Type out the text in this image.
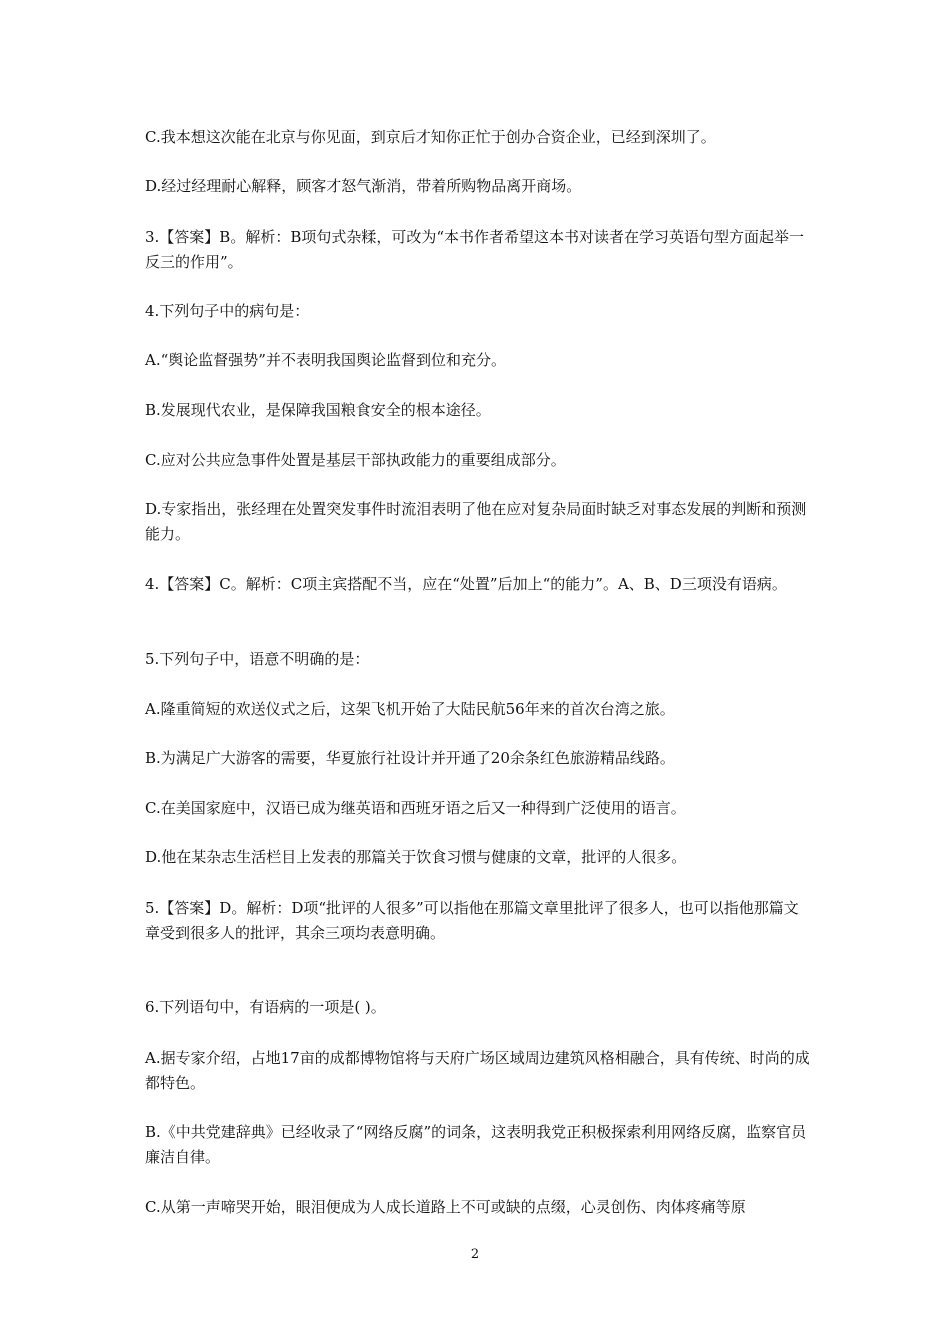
C.我本想这次能在北京与你见面，到京后才知你正忙于创办合资企业，已经到深圳了。

D.经过经理耐心解释，顾客才怒气渐消，带着所购物品离开商场。

3.【答案】B。解析：B项句式杂糅，可改为“本书作者希望这本书对读者在学习英语句型方面起举一反三的作用”。

4.下列句子中的病句是：

A.“舆论监督强势”并不表明我国舆论监督到位和充分。

B.发展现代农业，是保障我国粮食安全的根本途径。

C.应对公共应急事件处置是基层干部执政能力的重要组成部分。

D.专家指出，张经理在处置突发事件时流泪表明了他在应对复杂局面时缺乏对事态发展的判断和预测能力。

4.【答案】C。解析：C项主宾搭配不当，应在“处置”后加上“的能力”。A、B、D三项没有语病。

5.下列句子中，语意不明确的是：

A.隆重简短的欢送仪式之后，这架飞机开始了大陆民航56年来的首次台湾之旅。

B.为满足广大游客的需要，华夏旅行社设计并开通了20余条红色旅游精品线路。

C.在美国家庭中，汉语已成为继英语和西班牙语之后又一种得到广泛使用的语言。

D.他在某杂志生活栏目上发表的那篇关于饮食习惯与健康的文章，批评的人很多。

5.【答案】D。解析：D项“批评的人很多”可以指他在那篇文章里批评了很多人，也可以指他那篇文章受到很多人的批评，其余三项均表意明确。

6.下列语句中，有语病的一项是( )。

A.据专家介绍，占地17亩的成都博物馆将与天府广场区域周边建筑风格相融合，具有传统、时尚的成都特色。

B.《中共党建辞典》已经收录了“网络反腐”的词条，这表明我党正积极探索利用网络反腐，监察官员廉洁自律。

C.从第一声啼哭开始，眼泪便成为人成长道路上不可或缺的点缀，心灵创伤、肉体疼痛等原

2
